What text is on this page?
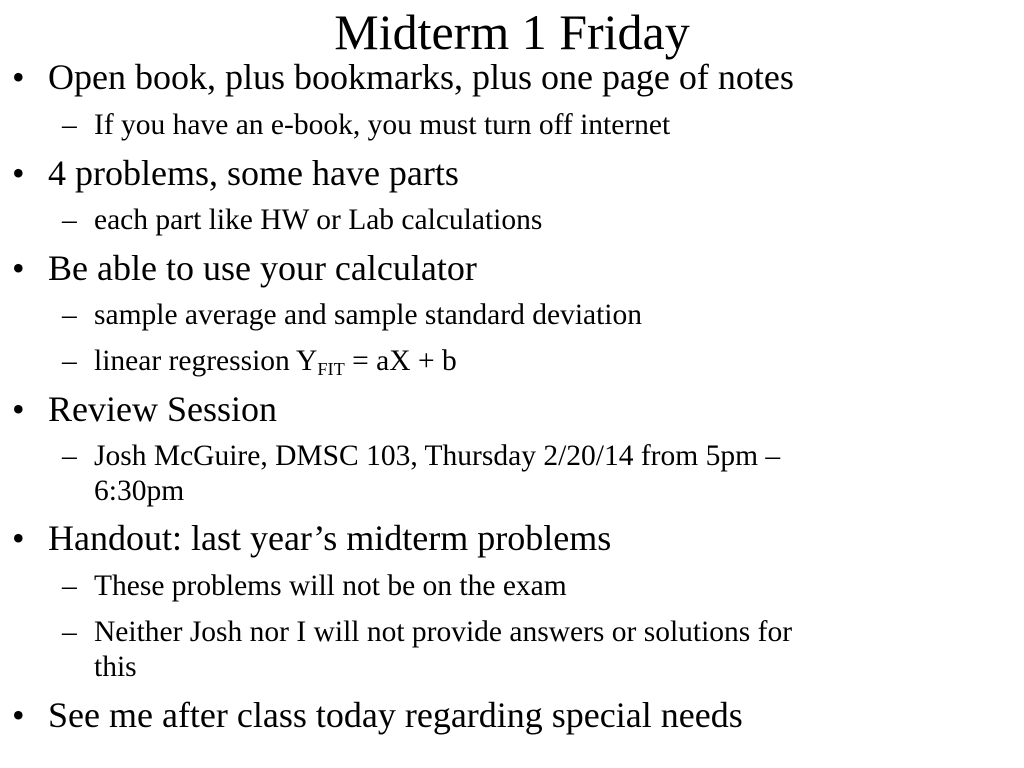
Midterm 1 Friday
• Open book, plus bookmarks, plus one page of notes

– If you have an e-book, you must turn off internet

• 4 problems, some have parts

– each part like HW or Lab calculations

• Be able to use your calculator

– sample average and sample standard deviation

– linear regression $Y_{FIT}$ = aX + b

• Review Session

– Josh McGuire, DMSC 103, Thursday 2/20/14 from 5pm –

6:30pm

• Handout: last year’s midterm problems

– These problems will not be on the exam

– Neither Josh nor I will not provide answers or solutions for

this

• See me after class today regarding special needs
